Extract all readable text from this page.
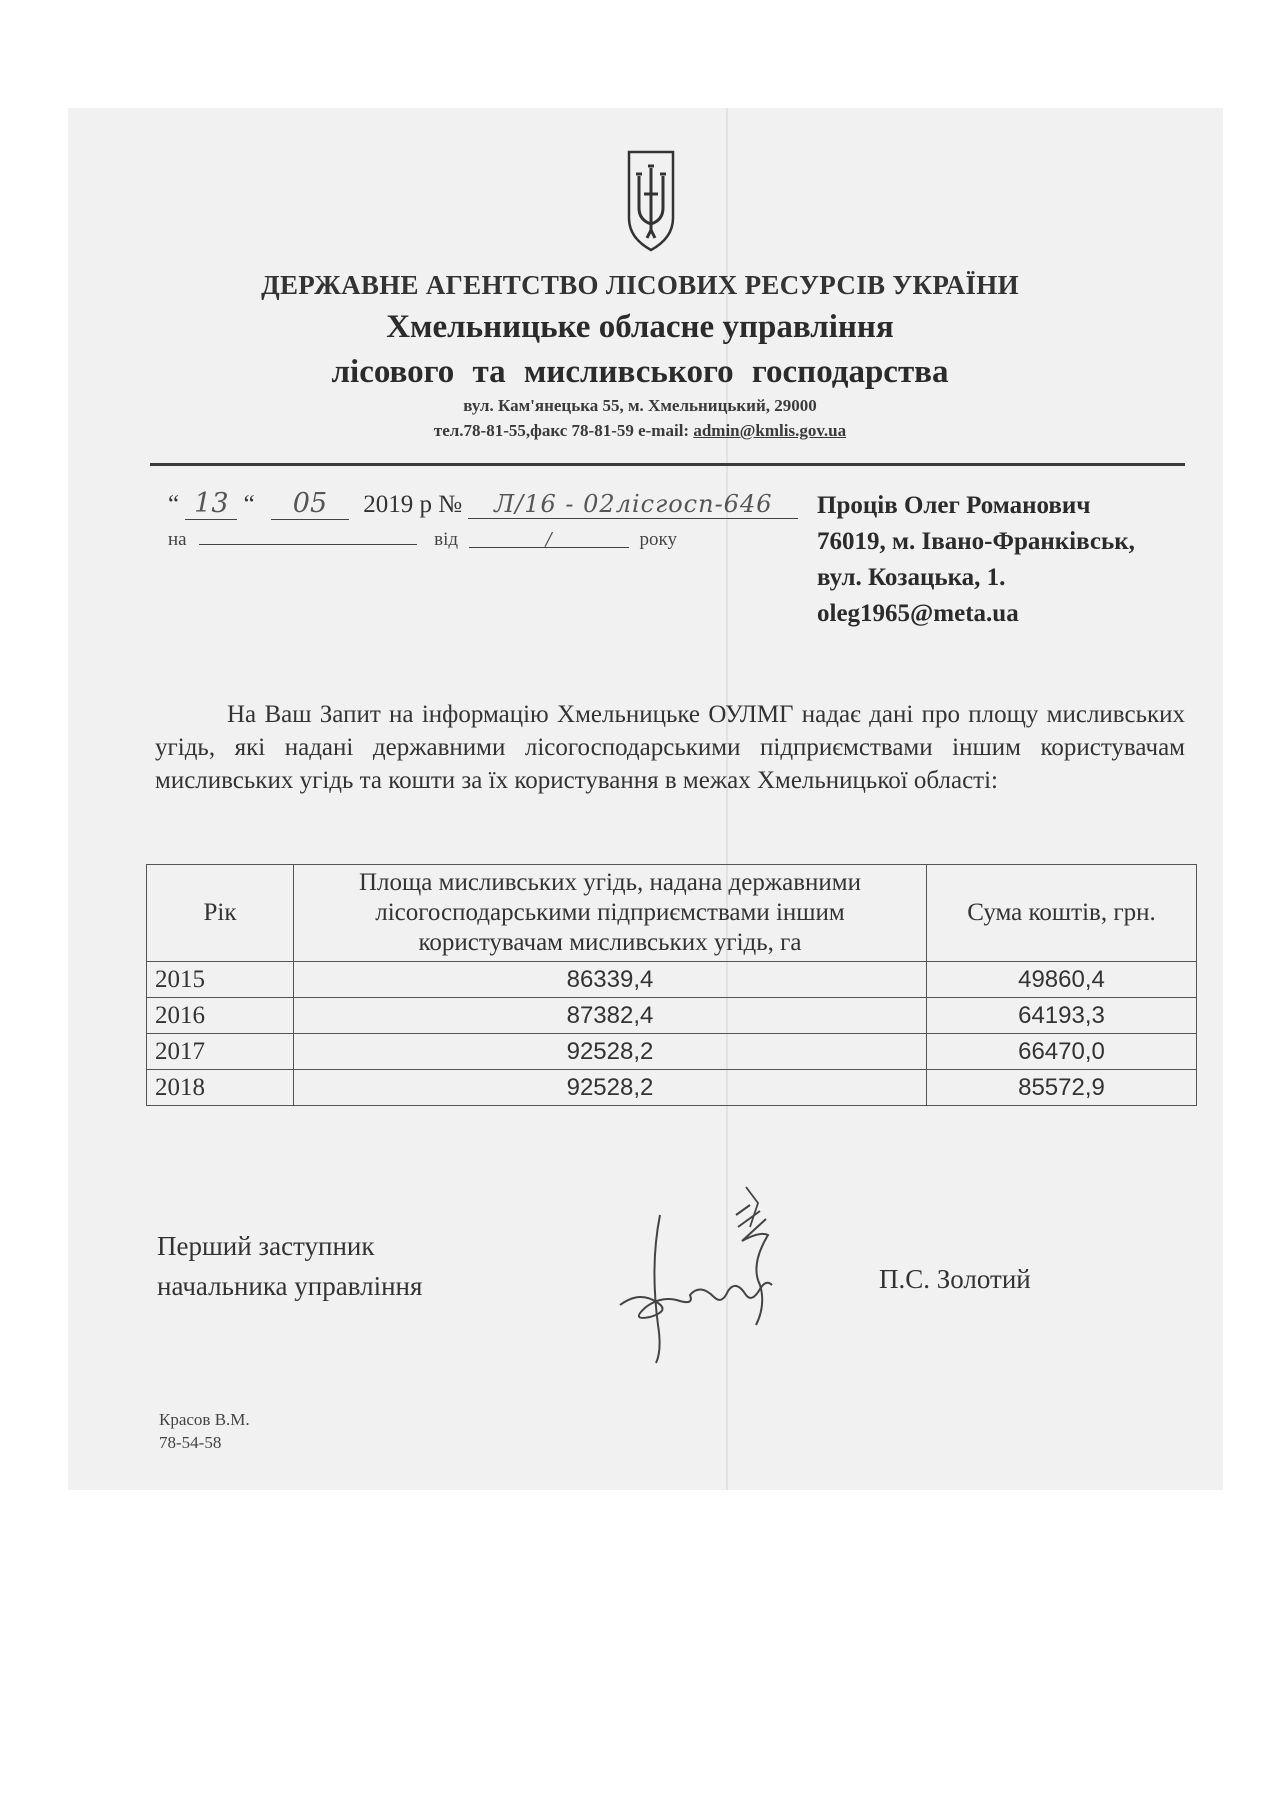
ДЕРЖАВНЕ АГЕНТСТВО ЛІСОВИХ РЕСУРСІВ УКРАЇНИ
Хмельницьке обласне управління
лісового та мисливського господарства
вул. Кам'янецька 55, м. Хмельницький, 29000
тел.78-81-55,факс 78-81-59 e-mail: admin@kmlis.gov.ua
“ 13 “ 05 2019 р № Л/16 - 02лісгосп-646
на	від	/	року
Проців Олег Романович
76019, м. Івано-Франківськ,
вул. Козацька, 1.
oleg1965@meta.ua

На Ваш Запит на інформацію Хмельницьке ОУЛМГ надає дані про площу мисливських угідь, які надані державними лісогосподарськими підприємствами іншим користувачам мисливських угідь та кошти за їх користування в межах Хмельницької області:

Рік	Площа мисливських угідь, надана державними лісогосподарськими підприємствами іншим користувачам мисливських угідь, га	Сума коштів, грн.
2015	86339,4	49860,4
2016	87382,4	64193,3
2017	92528,2	66470,0
2018	92528,2	85572,9
Перший заступник
начальника управління	П.С. Золотий
Красов В.М.
78-54-58
